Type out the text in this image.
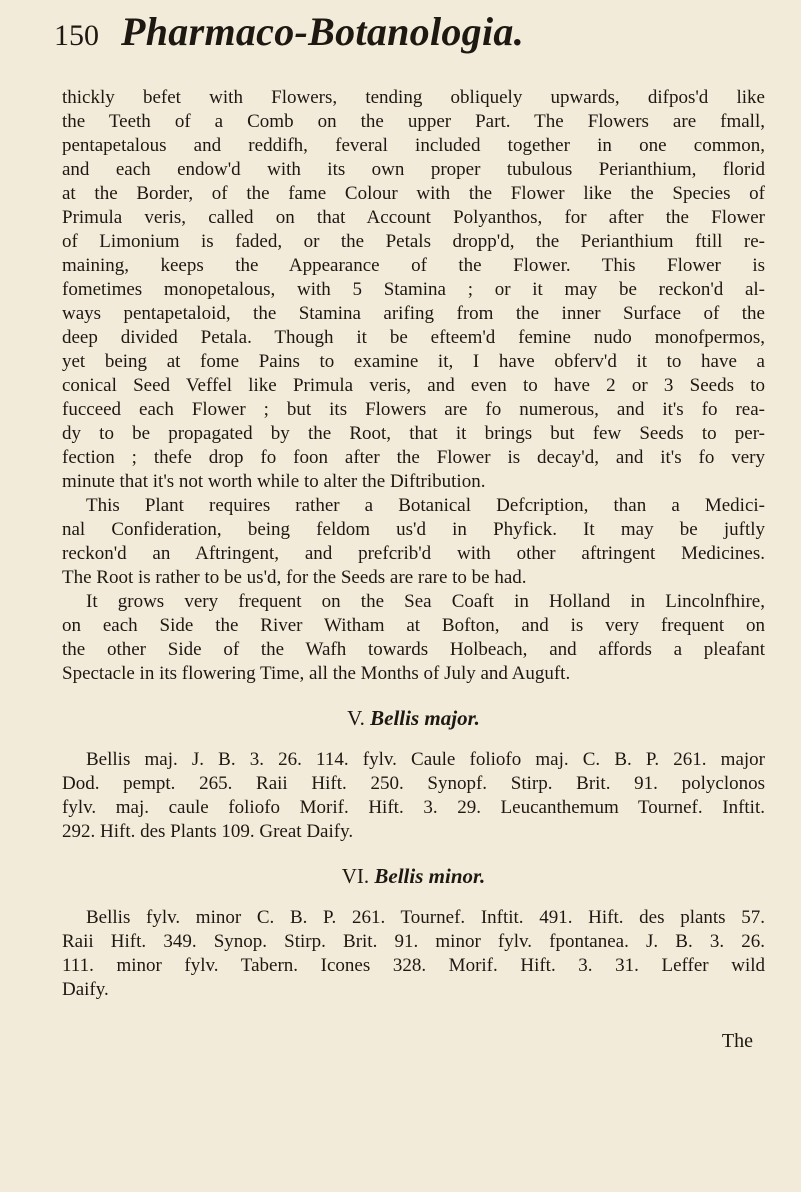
150 Pharmaco-Botanologia.
thickly befet with Flowers, tending obliquely upwards, difpos'd like
the Teeth of a Comb on the upper Part. The Flowers are fmall,
pentapetalous and reddifh, feveral included together in one common,
and each endow'd with its own proper tubulous Perianthium, florid
at the Border, of the fame Colour with the Flower like the Species of
Primula veris, called on that Account Polyanthos, for after the Flower
of Limonium is faded, or the Petals dropp'd, the Perianthium ftill re-
maining, keeps the Appearance of the Flower. This Flower is
fometimes monopetalous, with 5 Stamina ; or it may be reckon'd al-
ways pentapetaloid, the Stamina arifing from the inner Surface of the
deep divided Petala. Though it be efteem'd femine nudo monofpermos,
yet being at fome Pains to examine it, I have obferv'd it to have a
conical Seed Veffel like Primula veris, and even to have 2 or 3 Seeds to
fucceed each Flower ; but its Flowers are fo numerous, and it's fo rea-
dy to be propagated by the Root, that it brings but few Seeds to per-
fection ; thefe drop fo foon after the Flower is decay'd, and it's fo very
minute that it's not worth while to alter the Diftribution.
This Plant requires rather a Botanical Defcription, than a Medici-
nal Confideration, being feldom us'd in Phyfick. It may be juftly
reckon'd an Aftringent, and prefcrib'd with other aftringent Medicines.
The Root is rather to be us'd, for the Seeds are rare to be had.
It grows very frequent on the Sea Coaft in Holland in Lincolnfhire,
on each Side the River Witham at Bofton, and is very frequent on
the other Side of the Wafh towards Holbeach, and affords a pleafant
Spectacle in its flowering Time, all the Months of July and Auguft.
V. Bellis major.
Bellis maj. J. B. 3. 26. 114. fylv. Caule foliofo maj. C. B. P. 261. major
Dod. pempt. 265. Raii Hift. 250. Synopf. Stirp. Brit. 91. polyclonos
fylv. maj. caule foliofo Morif. Hift. 3. 29. Leucanthemum Tournef. Inftit.
292. Hift. des Plants 109. Great Daify.
VI. Bellis minor.
Bellis fylv. minor C. B. P. 261. Tournef. Inftit. 491. Hift. des plants 57.
Raii Hift. 349. Synop. Stirp. Brit. 91. minor fylv. fpontanea. J. B. 3. 26.
111. minor fylv. Tabern. Icones 328. Morif. Hift. 3. 31. Leffer wild
Daify.
The
